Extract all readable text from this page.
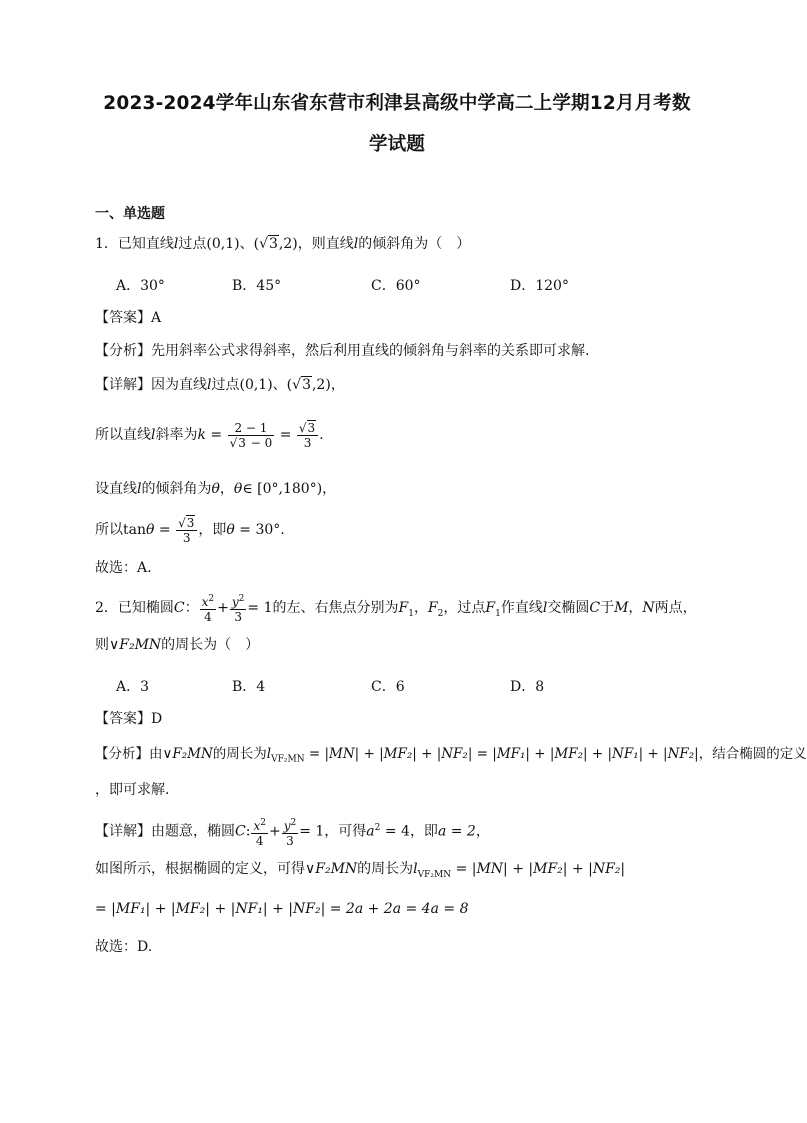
2023-2024学年山东省东营市利津县高级中学高二上学期12月月考数
学试题
一、单选题
1．已知直线l过点(0,1)、(√3,2)，则直线l的倾斜角为（　）
A．30°	B．45°	C．60°	D．120°
【答案】A
【分析】先用斜率公式求得斜率，然后利用直线的倾斜角与斜率的关系即可求解.
【详解】因为直线l过点(0,1)、(√3,2)，
所以直线l斜率为$k = \frac{2 - 1}{√3 - 0} = \frac{√3}{3}$ .
设直线l的倾斜角为θ，θ∈ [0°,180°)，
所以$\tan\theta = \frac{√3}{3}$ ，即θ = 30°.
故选：A.
2．已知椭圆C： $\frac{x^2}{4} + \frac{y^2}{3} = 1$的左、右焦点分别为$F_1$，$F_2$，过点$F_1$作直线l交椭圆C于M，N两点，
则∨F₂MN的周长为（　）
A．3	B．4	C．6	D．8
【答案】D
【分析】由∨F₂MN的周长为$l_{VF_2MN} = |MN| + |MF_2| + |NF_2| = |MF_1| + |MF_2| + |NF_1| + |NF_2|$，结合椭圆的定义
，即可求解.
【详解】由题意，椭圆C: $\frac{x^2}{4} + \frac{y^2}{3} = 1$，可得$a^2 = 4$，即a = 2，
如图所示，根据椭圆的定义，可得∨F₂MN的周长为$l_{VF_2MN} = |MN| + |MF_2| + |NF_2|$
= |MF₁| + |MF₂| + |NF₁| + |NF₂| = 2a + 2a = 4a = 8
故选：D.
